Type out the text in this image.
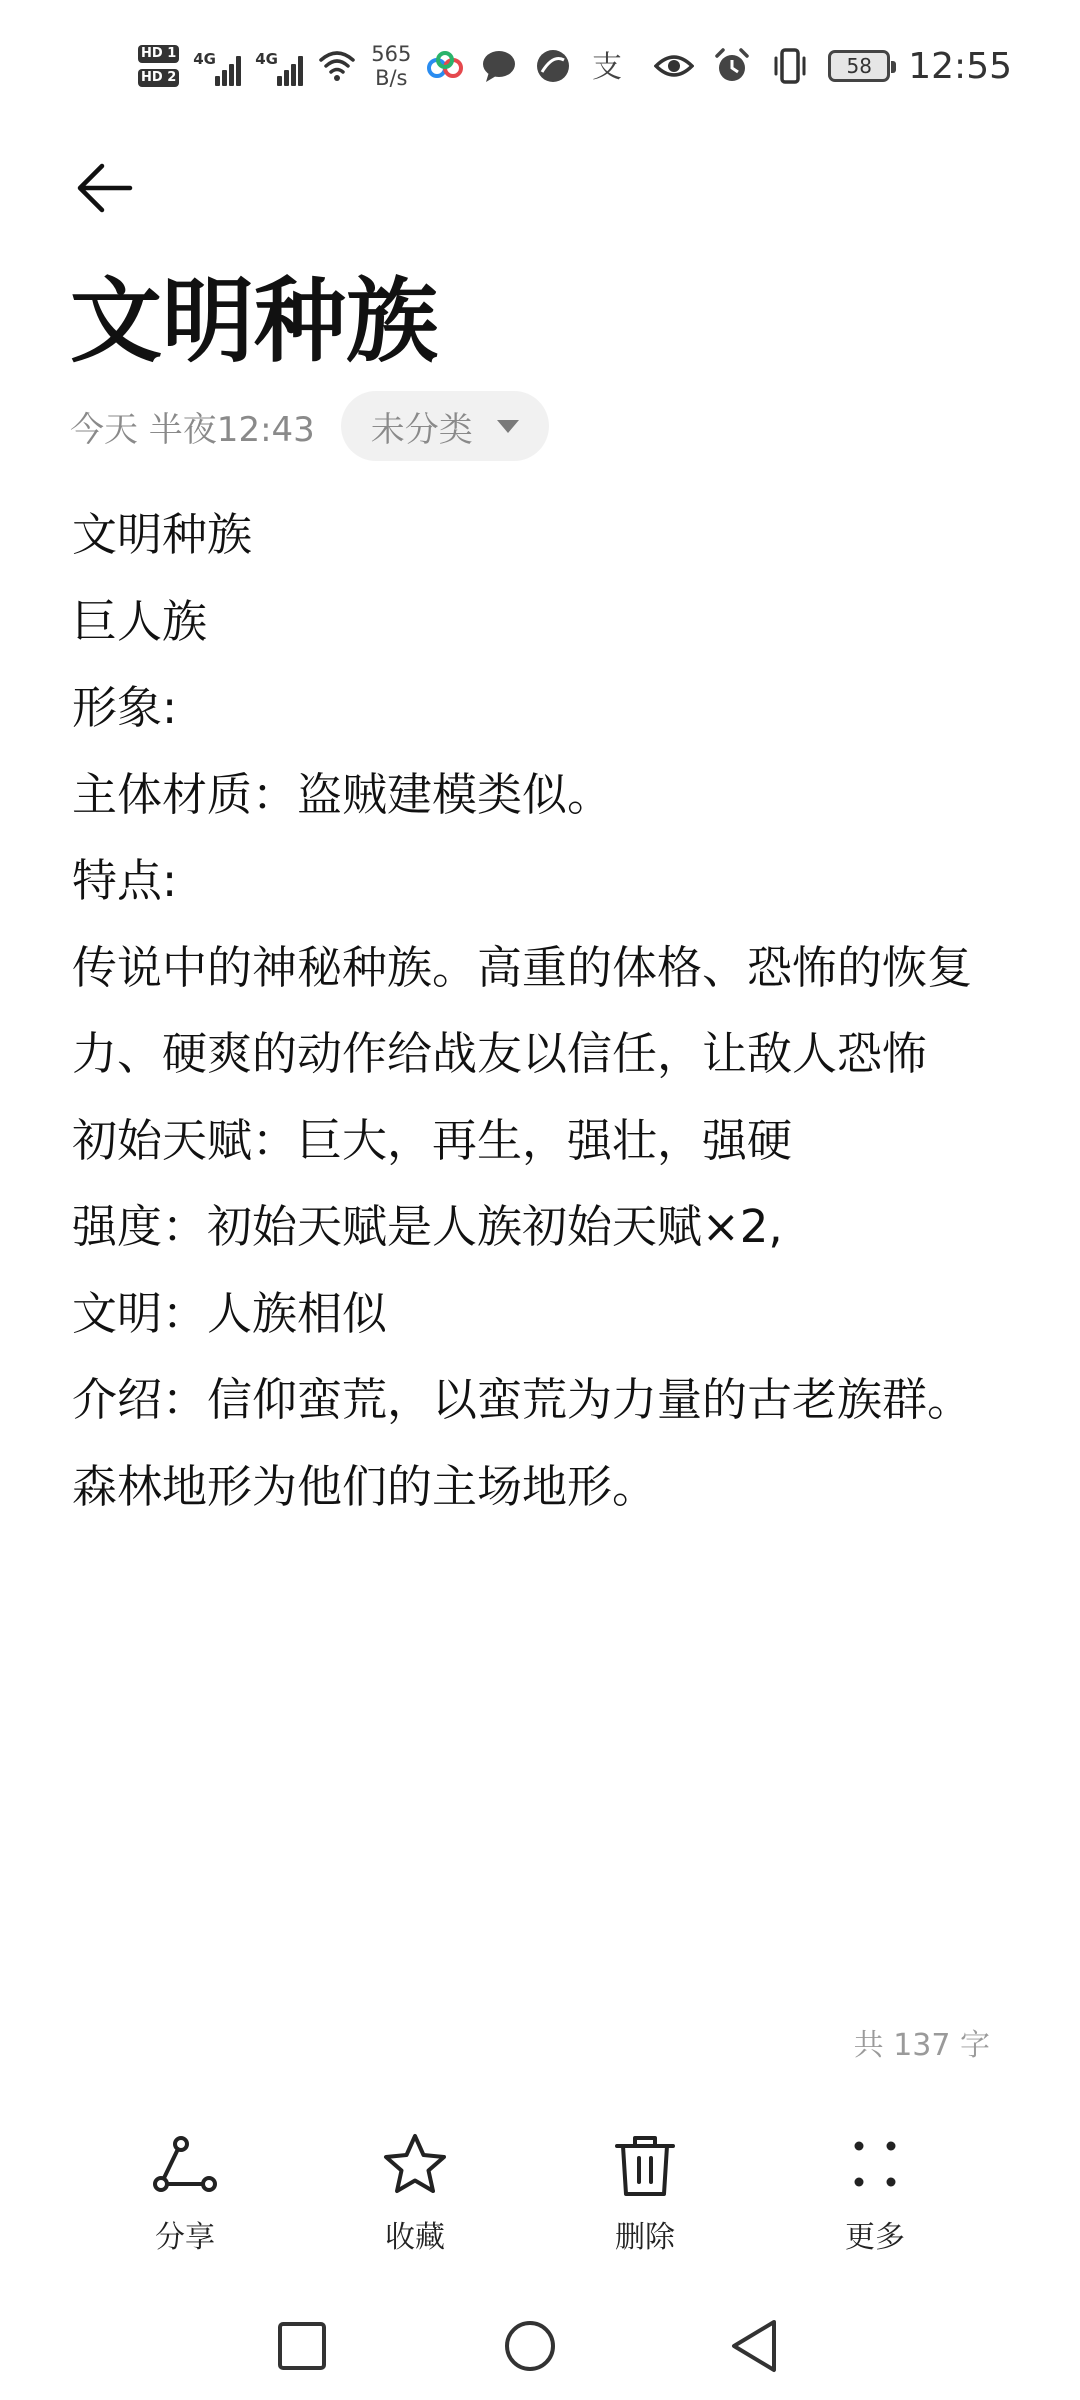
HD 1
HD 2
4G	4G	565
B/s	支	58 12:55
文明种族
今天 半夜12:43 未分类
文明种族
巨人族
形象:
主体材质：盗贼建模类似。
特点:
传说中的神秘种族。高重的体格、恐怖的恢复力、硬爽的动作给战友以信任，让敌人恐怖
初始天赋：巨大，再生，强壮，强硬
强度：初始天赋是人族初始天赋×2,
文明：人族相似
介绍：信仰蛮荒，以蛮荒为力量的古老族群。森林地形为他们的主场地形。
共 137 字
分享	收藏	删除	更多
